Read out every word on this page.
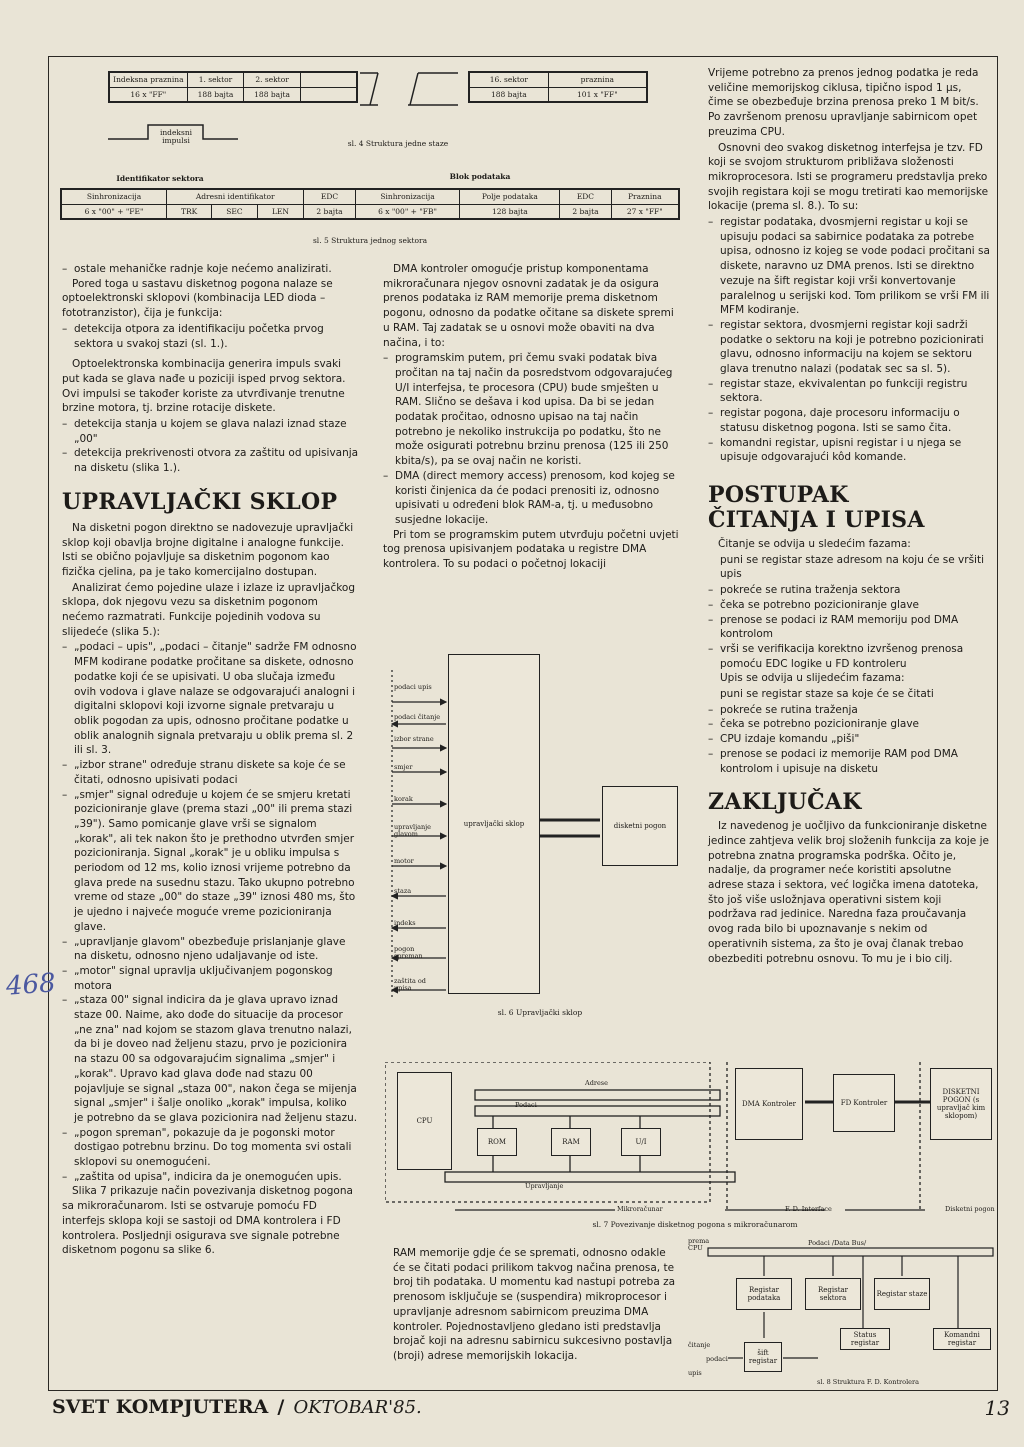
Indeksna praznina	1. sektor	2. sektor	
16 x "FF"	188 bajta	188 bajta	
16. sektor	praznina
188 bajta	101 x "FF"
indeksni impulsi	sl. 4 Struktura jedne staze
Identifikator sektora	Blok podataka
Sinhronizacija	Adresni identifikator			EDC	Sinhronizacija	Polje podataka	EDC	Praznina
6 x "00" + "FE"	TRK	SEC	LEN	2 bajta	6 x "00" + "FB"	128 bajta	2 bajta	27 x "FF"
sl. 5 Struktura jednog sektora
– ostale mehaničke radnje koje nećemo analizirati.

Pored toga u sastavu disketnog pogona nalaze se optoelektronski sklopovi (kombinacija LED dioda – fototranzistor), čija je funkcija:

– detekcija otpora za identifikaciju početka prvog sektora u svakoj stazi (sl. 1.).

Optoelektronska kombinacija generira impuls svaki put kada se glava nađe u poziciji isped prvog sektora. Ovi impulsi se također koriste za utvrđivanje trenutne brzine motora, tj. brzine rotacije diskete.

– detekcija stanja u kojem se glava nalazi iznad staze „00"
– detekcija prekrivenosti otvora za zaštitu od upisivanja na disketu (slika 1.).
UPRAVLJAČKI SKLOP

Na disketni pogon direktno se nadovezuje upravljački sklop koji obavlja brojne digitalne i analogne funkcije. Isti se obično pojavljuje sa disketnim pogonom kao fizička cjelina, pa je tako komercijalno dostupan.

Analizirat ćemo pojedine ulaze i izlaze iz upravljačkog sklopa, dok njegovu vezu sa disketnim pogonom nećemo razmatrati. Funkcije pojedinih vodova su slijedeće (slika 5.):

– „podaci – upis", „podaci – čitanje" sadrže FM odnosno MFM kodirane podatke pročitane sa diskete, odnosno podatke koji će se upisivati. U oba slučaja između ovih vodova i glave nalaze se odgovarajući analogni i digitalni sklopovi koji izvorne signale pretvaraju u oblik pogodan za upis, odnosno pročitane podatke u oblik analognih signala pretvaraju u oblik prema sl. 2 ili sl. 3.
– „izbor strane" određuje stranu diskete sa koje će se čitati, odnosno upisivati podaci
– „smjer" signal određuje u kojem će se smjeru kretati pozicioniranje glave (prema stazi „00" ili prema stazi „39"). Samo pomicanje glave vrši se signalom „korak", ali tek nakon što je prethodno utvrđen smjer pozicioniranja. Signal „korak" je u obliku impulsa s periodom od 12 ms, kolio iznosi vrijeme potrebno da glava prede na susednu stazu. Tako ukupno potrebno vreme od staze „00" do staze „39" iznosi 480 ms, što je ujedno i najveće moguće vreme pozicioniranja glave.
– „upravljanje glavom" obezbeđuje prislanjanje glave na disketu, odnosno njeno udaljavanje od iste.
– „motor" signal upravlja uključivanjem pogonskog motora
– „staza 00" signal indicira da je glava upravo iznad staze 00. Naime, ako dođe do situacije da procesor „ne zna" nad kojom se stazom glava trenutno nalazi, da bi je doveo nad željenu stazu, prvo je pozicionira na stazu 00 sa odgovarajućim signalima „smjer" i „korak". Upravo kad glava dođe nad stazu 00 pojavljuje se signal „staza 00", nakon čega se mijenja signal „smjer" i šalje onoliko „korak" impulsa, koliko je potrebno da se glava pozicionira nad željenu stazu.
– „pogon spreman", pokazuje da je pogonski motor dostigao potrebnu brzinu. Do tog momenta svi ostali sklopovi su onemogućeni.
– „zaštita od upisa", indicira da je onemogućen upis.

Slika 7 prikazuje način povezivanja disketnog pogona sa mikroračunarom. Isti se ostvaruje pomoću FD interfejs sklopa koji se sastoji od DMA kontrolera i FD kontrolera. Posljednji osigurava sve signale potrebne disketnom pogonu sa slike 6.

468

DMA kontroler omogućje pristup komponentama mikroračunara njegov osnovni zadatak je da osigura prenos podataka iz RAM memorije prema disketnom pogonu, odnosno da podatke očitane sa diskete spremi u RAM. Taj zadatak se u osnovi može obaviti na dva načina, i to:

– programskim putem, pri čemu svaki podatak biva pročitan na taj način da posredstvom odgovarajućeg U/I interfejsa, te procesora (CPU) bude smješten u RAM. Slično se dešava i kod upisa. Da bi se jedan podatak pročitao, odnosno upisao na taj način potrebno je nekoliko instrukcija po podatku, što ne može osigurati potrebnu brzinu prenosa (125 ili 250 kbita/s), pa se ovaj način ne koristi.
– DMA (direct memory access) prenosom, kod kojeg se koristi činjenica da će podaci prenositi iz, odnosno upisivati u određeni blok RAM-a, tj. u međusobno susjedne lokacije.

Pri tom se programskim putem utvrđuju početni uvjeti tog prenosa upisivanjem podataka u registre DMA kontrolera. To su podaci o početnoj lokaciji

upravljački sklop	disketni pogon
podaci upis
podaci čitanje
izbor strane
smjer
korak
upravljanje glavom
motor
staza
indeks
pogon spreman
zaštita od upisa
sl. 6 Upravljački sklop

Vrijeme potrebno za prenos jednog podatka je reda veličine memorijskog ciklusa, tipično ispod 1 µs, čime se obezbeđuje brzina prenosa preko 1 M bit/s. Po završenom prenosu upravljanje sabirnicom opet preuzima CPU.

Osnovni deo svakog disketnog interfejsa je tzv. FD koji se svojom strukturom približava složenosti mikroprocesora. Isti se programeru predstavlja preko svojih registara koji se mogu tretirati kao memorijske lokacije (prema sl. 8.). To su:

– registar podataka, dvosmjerni registar u koji se upisuju podaci sa sabirnice podataka za potrebe upisa, odnosno iz kojeg se vode podaci pročitani sa diskete, naravno uz DMA prenos. Isti se direktno vezuje na šift registar koji vrši konvertovanje paralelnog u serijski kod. Tom prilikom se vrši FM ili MFM kodiranje.
– registar sektora, dvosmjerni registar koji sadrži podatke o sektoru na koji je potrebno pozicionirati glavu, odnosno informaciju na kojem se sektoru glava trenutno nalazi (podatak sec sa sl. 5).
– registar staze, ekvivalentan po funkciji registru sektora.
– registar pogona, daje procesoru informaciju o statusu disketnog pogona. Isti se samo čita.
– komandni registar, upisni registar i u njega se upisuje odgovarajući kôd komande.
POSTUPAK ČITANJA I UPISA

Čitanje se odvija u sledećim fazama:

puni se registar staze adresom na koju će se vršiti upis

– pokreće se rutina traženja sektora
– čeka se potrebno pozicioniranje glave
– prenose se podaci iz RAM memoriju pod DMA kontrolom
– vrši se verifikacija korektno izvršenog prenosa pomoću EDC logike u FD kontroleru

Upis se odvija u slijedećim fazama:

puni se registar staze sa koje će se čitati

– pokreće se rutina traženja
– čeka se potrebno pozicioniranje glave
– CPU izdaje komandu „piši"
– prenose se podaci iz memorije RAM pod DMA kontrolom i upisuje na disketu
ZAKLJUČAK

Iz navedenog je uočljivo da funkcioniranje disketne jedince zahtjeva velik broj složenih funkcija za koje je potrebna znatna programska podrška. Očito je, nadalje, da programer neće koristiti apsolutne adrese staza i sektora, već logička imena datoteka, što još više usložnjava operativni sistem koji podržava rad jedinice. Naredna faza proučavanja ovog rada bilo bi upoznavanje s nekim od operativnih sistema, za što je ovaj članak trebao obezbediti potrebnu osnovu. To mu je i bio cilj.

CPU
ROM	RAM	U/I
Adrese
Podaci
Upravljanje
DMA Kontroler	FD Kontroler
DISKETNI POGON (s upravljač kim sklopom)
Mikroračunar	F. D. Interface	Disketni pogon
sl. 7 Povezivanje disketnog pogona s mikroračunarom

RAM memorije gdje će se spremati, odnosno odakle će se čitati podaci prilikom takvog načina prenosa, te broj tih podataka. U momentu kad nastupi potreba za prenosom isključuje se (suspendira) mikroprocesor i upravljanje adresnom sabirnicom preuzima DMA kontroler. Pojednostavljeno gledano isti predstavlja brojač koji na adresnu sabirnicu sukcesivno postavlja (broji) adrese memorijskih lokacija.

prema CPU
Podaci /Data Bus/
Registar podataka
Registar sektora	Registar staze
Status registar
Komandni registar
šift registar
čitanje
podaci
upis
sl. 8 Struktura F. D. Kontrolera
SVET KOMPJUTERA / OKTOBAR'85.	13
